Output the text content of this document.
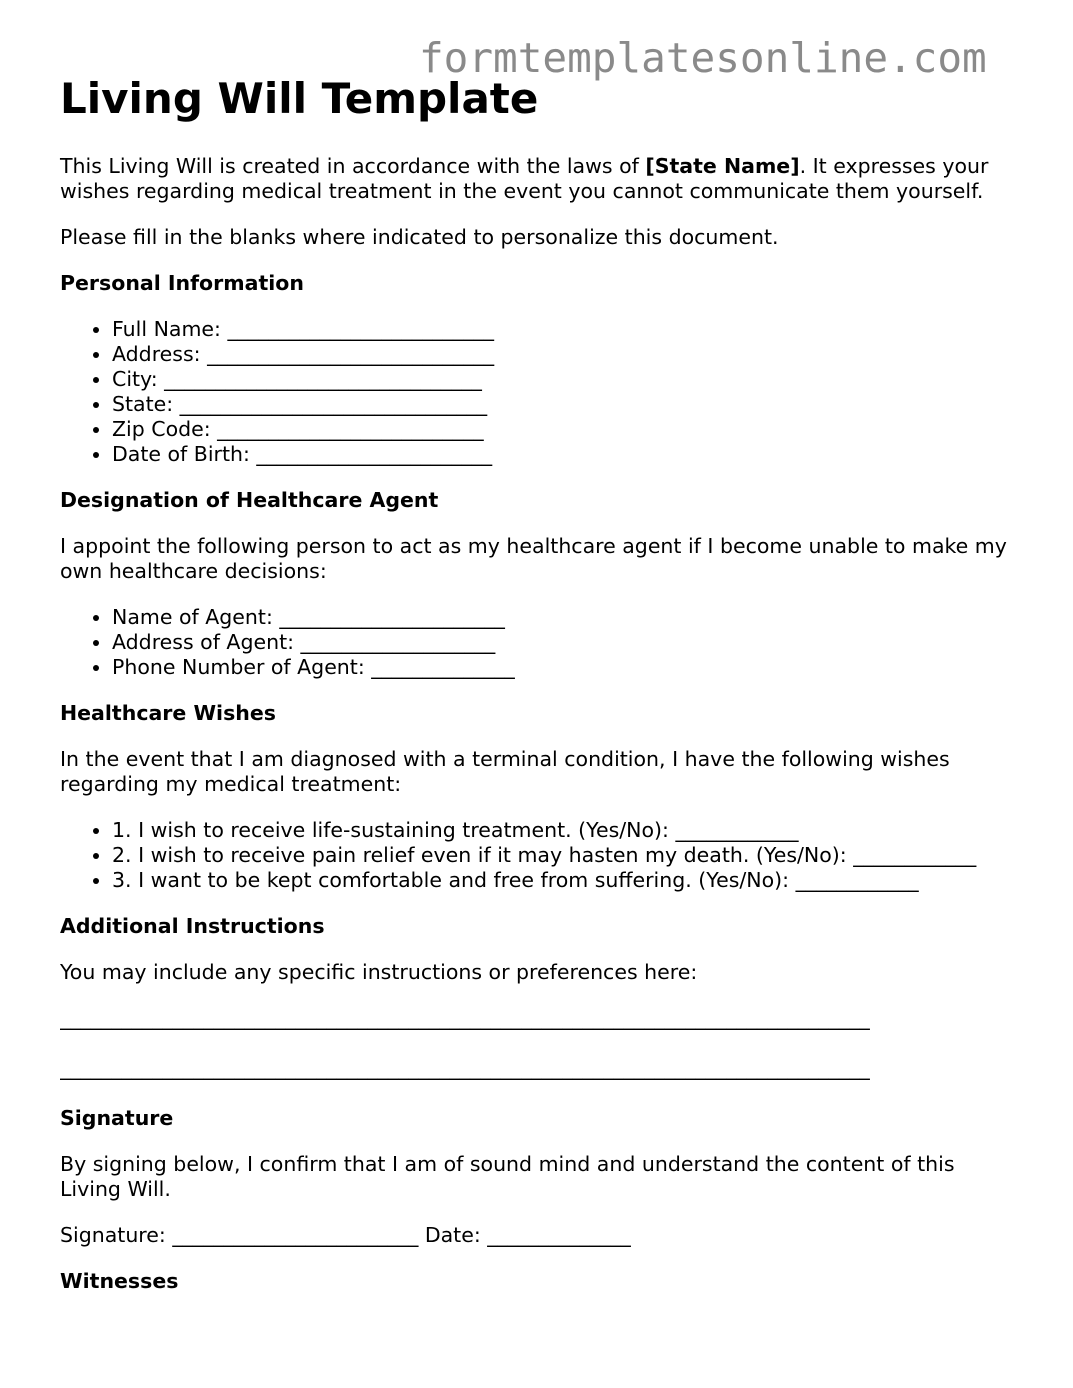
formtemplatesonline.com
Living Will Template

This Living Will is created in accordance with the laws of [State Name]. It expresses your wishes regarding medical treatment in the event you cannot communicate them yourself.

Please fill in the blanks where indicated to personalize this document.

Personal Information
• Full Name: __________________________
• Address: ____________________________
• City: _______________________________
• State: ______________________________
• Zip Code: __________________________
• Date of Birth: _______________________
Designation of Healthcare Agent

I appoint the following person to act as my healthcare agent if I become unable to make my own healthcare decisions:

• Name of Agent: ______________________
• Address of Agent: ___________________
• Phone Number of Agent: ______________
Healthcare Wishes

In the event that I am diagnosed with a terminal condition, I have the following wishes regarding my medical treatment:

• 1. I wish to receive life-sustaining treatment. (Yes/No): ____________
• 2. I wish to receive pain relief even if it may hasten my death. (Yes/No): ____________
• 3. I want to be kept comfortable and free from suffering. (Yes/No): ____________
Additional Instructions

You may include any specific instructions or preferences here:

_______________________________________________________________________________
_______________________________________________________________________________
Signature

By signing below, I confirm that I am of sound mind and understand the content of this Living Will.

Signature: ________________________ Date: ______________

Witnesses
